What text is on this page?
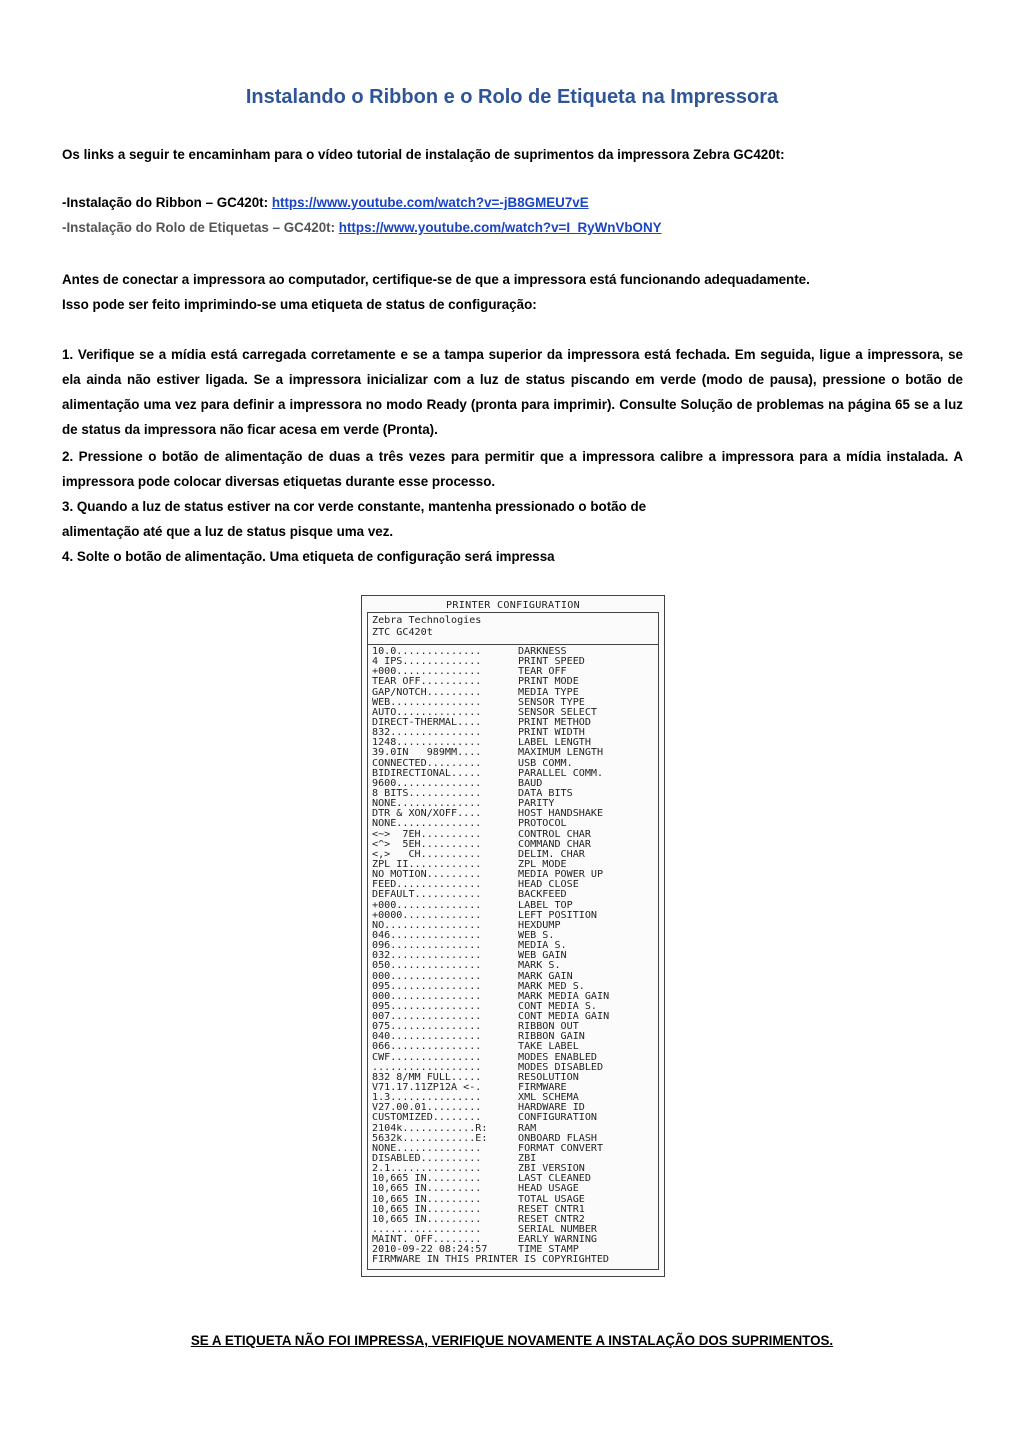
Instalando o Ribbon e o Rolo de Etiqueta na Impressora
Os links a seguir te encaminham para o vídeo tutorial de instalação de suprimentos da impressora Zebra GC420t:
-Instalação do Ribbon – GC420t: https://www.youtube.com/watch?v=-jB8GMEU7vE
-Instalação do Rolo de Etiquetas – GC420t: https://www.youtube.com/watch?v=I_RyWnVbONY
Antes de conectar a impressora ao computador, certifique-se de que a impressora está funcionando adequadamente.
Isso pode ser feito imprimindo-se uma etiqueta de status de configuração:
1. Verifique se a mídia está carregada corretamente e se a tampa superior da impressora está fechada. Em seguida, ligue a impressora, se ela ainda não estiver ligada. Se a impressora inicializar com a luz de status piscando em verde (modo de pausa), pressione o botão de alimentação uma vez para definir a impressora no modo Ready (pronta para imprimir). Consulte Solução de problemas na página 65 se a luz de status da impressora não ficar acesa em verde (Pronta).
2. Pressione o botão de alimentação de duas a três vezes para permitir que a impressora calibre a impressora para a mídia instalada. A impressora pode colocar diversas etiquetas durante esse processo.
3. Quando a luz de status estiver na cor verde constante, mantenha pressionado o botão de
alimentação até que a luz de status pisque uma vez.
4. Solte o botão de alimentação. Uma etiqueta de configuração será impressa
PRINTER CONFIGURATION
Zebra Technologies
ZTC GC420t
10.0..............	DARKNESS
4 IPS.............	PRINT SPEED
+000..............	TEAR OFF
TEAR OFF..........	PRINT MODE
GAP/NOTCH.........	MEDIA TYPE
WEB...............	SENSOR TYPE
AUTO..............	SENSOR SELECT
DIRECT-THERMAL....	PRINT METHOD
832...............	PRINT WIDTH
1248..............	LABEL LENGTH
39.0IN   989MM....	MAXIMUM LENGTH
CONNECTED.........	USB COMM.
BIDIRECTIONAL.....	PARALLEL COMM.
9600..............	BAUD
8 BITS............	DATA BITS
NONE..............	PARITY
DTR & XON/XOFF....	HOST HANDSHAKE
NONE..............	PROTOCOL
<~>  7EH..........	CONTROL CHAR
<^>  5EH..........	COMMAND CHAR
<,>   CH..........	DELIM. CHAR
ZPL II............	ZPL MODE
NO MOTION.........	MEDIA POWER UP
FEED..............	HEAD CLOSE
DEFAULT...........	BACKFEED
+000..............	LABEL TOP
+0000.............	LEFT POSITION
NO................	HEXDUMP
046...............	WEB S.
096...............	MEDIA S.
032...............	WEB GAIN
050...............	MARK S.
000...............	MARK GAIN
095...............	MARK MED S.
000...............	MARK MEDIA GAIN
095...............	CONT MEDIA S.
007...............	CONT MEDIA GAIN
075...............	RIBBON OUT
040...............	RIBBON GAIN
066...............	TAKE LABEL
CWF...............	MODES ENABLED
..................	MODES DISABLED
832 8/MM FULL.....	RESOLUTION
V71.17.11ZP12A <-.	FIRMWARE
1.3...............	XML SCHEMA
V27.00.01.........	HARDWARE ID
CUSTOMIZED........	CONFIGURATION
2104k............R:	RAM
5632k............E:	ONBOARD FLASH
NONE..............	FORMAT CONVERT
DISABLED..........	ZBI
2.1...............	ZBI VERSION
10,665 IN.........	LAST CLEANED
10,665 IN.........	HEAD USAGE
10,665 IN.........	TOTAL USAGE
10,665 IN.........	RESET CNTR1
10,665 IN.........	RESET CNTR2
..................	SERIAL NUMBER
MAINT. OFF........	EARLY WARNING
2010-09-22 08:24:57	TIME STAMP
FIRMWARE IN THIS PRINTER IS COPYRIGHTED
SE A ETIQUETA NÃO FOI IMPRESSA, VERIFIQUE NOVAMENTE A INSTALAÇÃO DOS SUPRIMENTOS.
